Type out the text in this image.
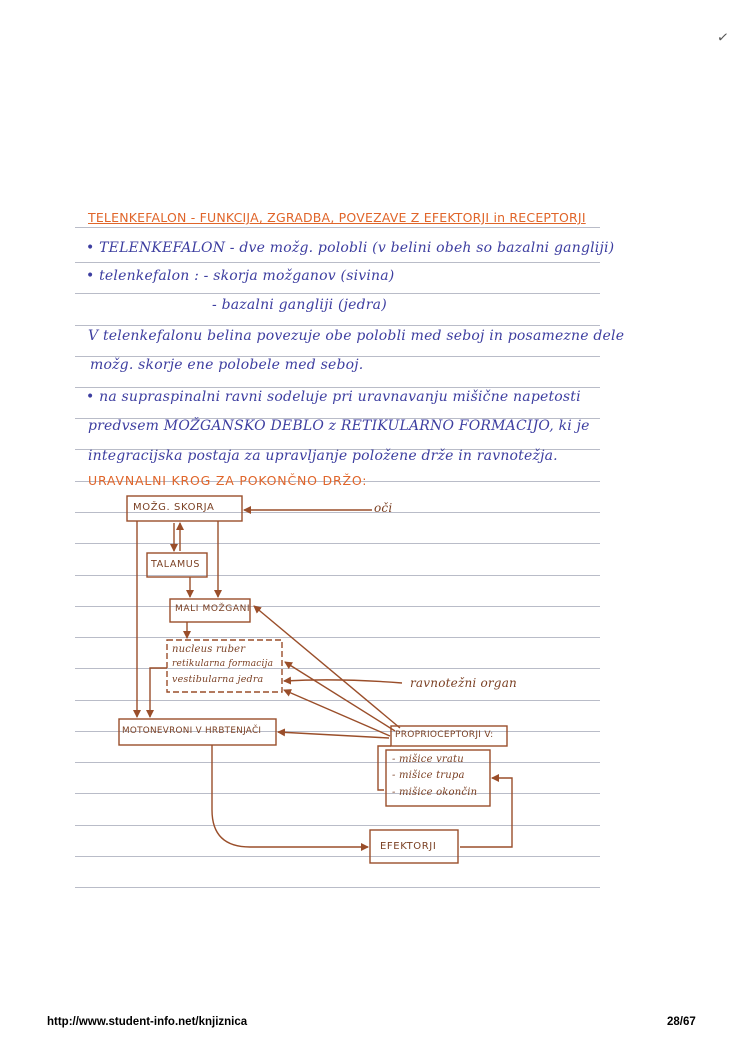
✓
TELENKEFALON - FUNKCIJA, ZGRADBA, POVEZAVE Z EFEKTORJI in RECEPTORJI
• TELENKEFALON - dve možg. polobli (v belini obeh so bazalni gangliji)
• telenkefalon : - skorja možganov (sivina)
- bazalni gangliji (jedra)
V telenkefalonu belina povezuje obe polobli med seboj in posamezne dele
možg. skorje ene polobele med seboj.
• na supraspinalni ravni sodeluje pri uravnavanju mišične napetosti
predvsem MOŽGANSKO DEBLO z RETIKULARNO FORMACIJO, ki je
integracijska postaja za upravljanje položene drže in ravnotežja.
URAVNALNI KROG ZA POKONČNO DRŽO:
MOŽG. SKORJA	oči
TALAMUS
MALI MOŽGANI
nucleus ruber
retikularna formacija
vestibularna jedra	ravnotežni organ
MOTONEVRONI V HRBTENJAČI	PROPRIOCEPTORJI V:
- mišice vratu
- mišice trupa
- mišice okončin
EFEKTORJI
http://www.student-info.net/knjiznica	28/67
